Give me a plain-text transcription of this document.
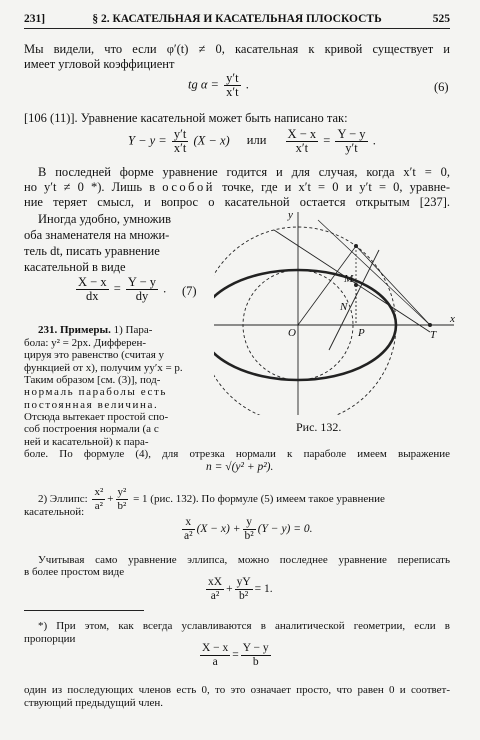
231]	§ 2. КАСАТЕЛЬНАЯ И КАСАТЕЛЬНАЯ ПЛОСКОСТЬ	525
Мы видели, что если φ′(t) ≠ 0, касательная к кривой существует и
имеет угловой коэффициент
tg $\alpha = \frac{y't}{x't}$ .	(6)
[106 (11)]. Уравнение касательной может быть написано так:
$Y - y = \frac{y't}{x't} (X - x)$ или $\frac{X - x}{x't} = \frac{Y - y}{y't}$ .
В последней форме уравнение годится и для случая, когда x′t = 0,
но y′t ≠ 0 *). Лишь в особой точке, где и x′t = 0 и y′t = 0, уравне-
ние теряет смысл, и вопрос о касательной остается открытым [237].
Иногда удобно, умножив
оба знаменателя на множи-
тель dt, писать уравнение
касательной в виде
$\frac{X - x}{dx} = \frac{Y - y}{dy}$ . (7)
231. Примеры. 1) Пара-
бола: y² = 2px. Дифферен-
цируя это равенство (считая y
функцией от x), получим yy′x = p.
Таким образом [см. (3)], под-
нормаль параболы есть
постоянная величина.
Отсюда вытекает простой спо-
соб построения нормали (а с
ней и касательной) к пара-
боле. По формуле (4), для отрезка нормали к параболе имеем выражение
n = √(y² + p²).
2) Эллипс: $\frac{\text{x²}}{\text{a²}} + \frac{\text{y²}}{\text{b²}} = 1$ (рис. 132). По формуле (5) имеем такое уравнение
касательной:
$\frac{x}{\text{a²}} (X - x) + \frac{y}{\text{b²}} (Y - y) = 0$.
Учитывая само уравнение эллипса, можно последнее уравнение переписать
в более простом виде
$\frac{xX}{\text{a²}} + \frac{yY}{\text{b²}} = 1$.
*) При этом, как всегда уславливаются в аналитической геометрии, если в
пропорции
$\frac{X - x}{a} = \frac{Y - y}{b}$
один из последующих членов есть 0, то это означает просто, что равен 0 и соответ-
ствующий предыдущий член.
y
x
O	P
M
N
T
Рис. 132.
